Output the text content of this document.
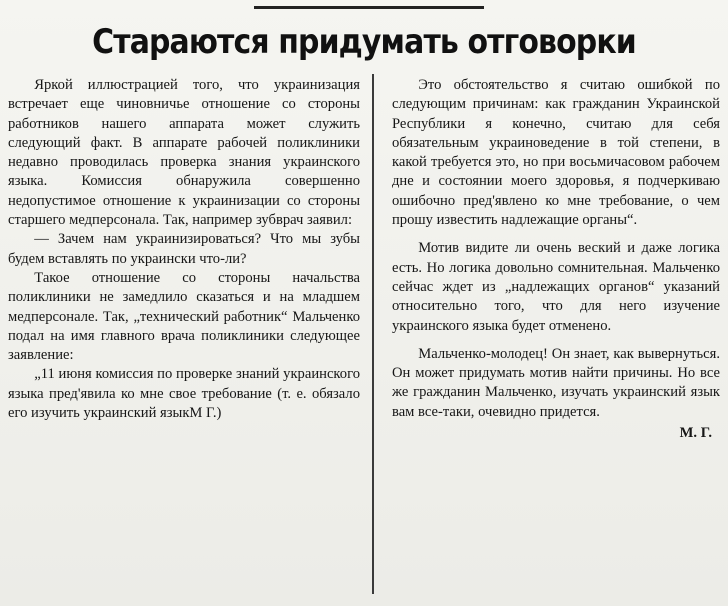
Стараются придумать отговорки

Яркой иллюстрацией того, что украинизация встречает еще чиновничье отношение со стороны работников нашего аппарата может служить следующий факт. В аппарате рабочей поликлиники недавно проводилась проверка знания украинского языка. Комиссия обнаружила совершенно недопустимое отношение к украинизации со стороны старшего медперсонала. Так, например зубврач заявил:

— Зачем нам украинизироваться? Что мы зубы будем вставлять по украински что-ли?

Такое отношение со стороны начальства поликлиники не замедлило сказаться и на младшем медперсонале. Так, „технический работник“ Мальченко подал на имя главного врача поликлиники следующее заявление:

„11 июня комиссия по проверке знаний украинского языка пред'явила ко мне свое требование (т. е. обязало его изучить украинский языкМ Г.)

Это обстоятельство я считаю ошибкой по следующим причинам: как гражданин Украинской Республики я конечно, считаю для себя обязательным украиноведение в той степени, в какой требуется это, но при восьмичасовом рабочем дне и состоянии моего здоровья, я подчеркиваю ошибочно пред'явлено ко мне требование, о чем прошу известить надлежащие органы“.

Мотив видите ли очень веский и даже логика есть. Но логика довольно сомнительная. Мальченко сейчас ждет из „надлежащих органов“ указаний относительно того, что для него изучение украинского языка будет отменено.

Мальченко-молодец! Он знает, как вывернуться. Он может придумать мотив найти причины. Но все же гражданин Мальченко, изучать украинский язык вам все-таки, очевидно придется.

М. Г.
